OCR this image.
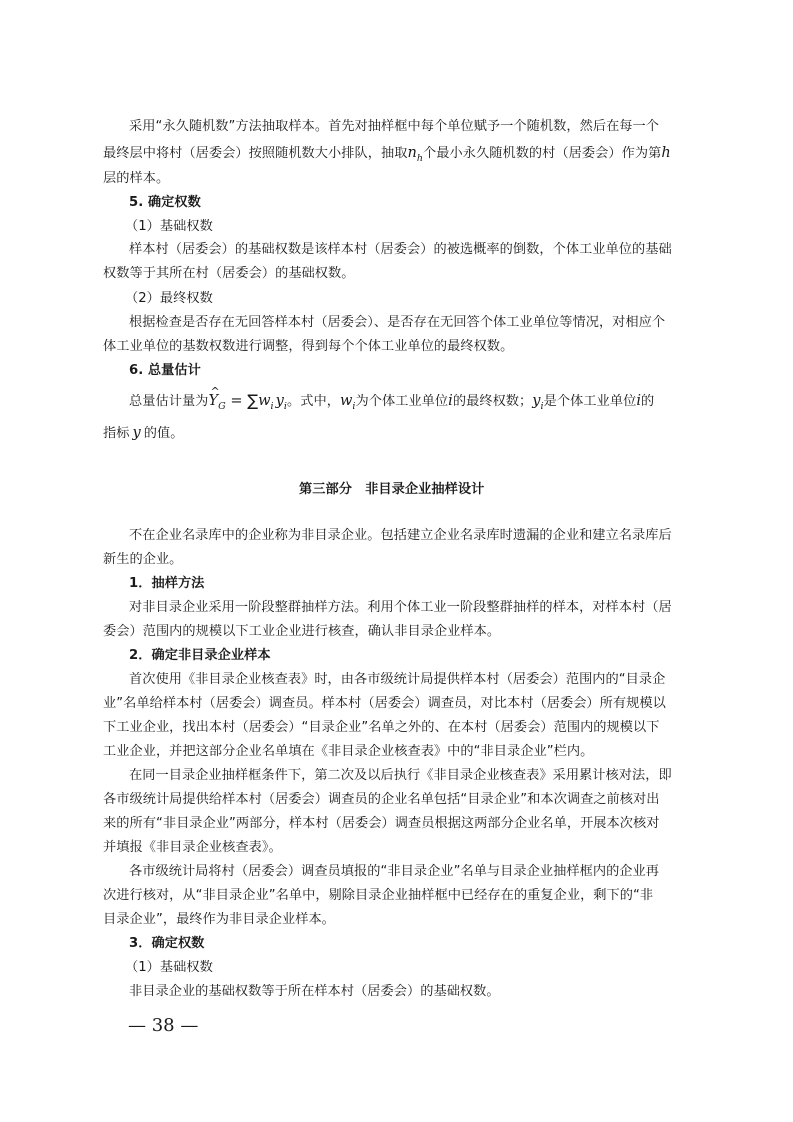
采用“永久随机数”方法抽取样本。首先对抽样框中每个单位赋予一个随机数，然后在每一个
最终层中将村（居委会）按照随机数大小排队，抽取$n_h$个最小永久随机数的村（居委会）作为第h
层的样本。
5. 确定权数
（1）基础权数
样本村（居委会）的基础权数是该样本村（居委会）的被选概率的倒数，个体工业单位的基础
权数等于其所在村（居委会）的基础权数。
（2）最终权数
根据检查是否存在无回答样本村（居委会）、是否存在无回答个体工业单位等情况，对相应个
体工业单位的基数权数进行调整，得到每个个体工业单位的最终权数。
6. 总量估计
总量估计量为^ $Y_G = \sum w_i$ $y_i$。式中，$w_i$为个体工业单位i的最终权数；$y_i$是个体工业单位i的
指标 y 的值。
第三部分　非目录企业抽样设计
不在企业名录库中的企业称为非目录企业。包括建立企业名录库时遗漏的企业和建立名录库后
新生的企业。
1．抽样方法
对非目录企业采用一阶段整群抽样方法。利用个体工业一阶段整群抽样的样本，对样本村（居
委会）范围内的规模以下工业企业进行核查，确认非目录企业样本。
2．确定非目录企业样本
首次使用《非目录企业核查表》时，由各市级统计局提供样本村（居委会）范围内的“目录企
业”名单给样本村（居委会）调查员。样本村（居委会）调查员，对比本村（居委会）所有规模以
下工业企业，找出本村（居委会）“目录企业”名单之外的、在本村（居委会）范围内的规模以下
工业企业，并把这部分企业名单填在《非目录企业核查表》中的“非目录企业”栏内。
在同一目录企业抽样框条件下，第二次及以后执行《非目录企业核查表》采用累计核对法，即
各市级统计局提供给样本村（居委会）调查员的企业名单包括“目录企业”和本次调查之前核对出
来的所有“非目录企业”两部分，样本村（居委会）调查员根据这两部分企业名单，开展本次核对
并填报《非目录企业核查表》。
各市级统计局将村（居委会）调查员填报的“非目录企业”名单与目录企业抽样框内的企业再
次进行核对，从“非目录企业”名单中，剔除目录企业抽样框中已经存在的重复企业，剩下的“非
目录企业”，最终作为非目录企业样本。
3．确定权数
（1）基础权数
非目录企业的基础权数等于所在样本村（居委会）的基础权数。
— 38 —
